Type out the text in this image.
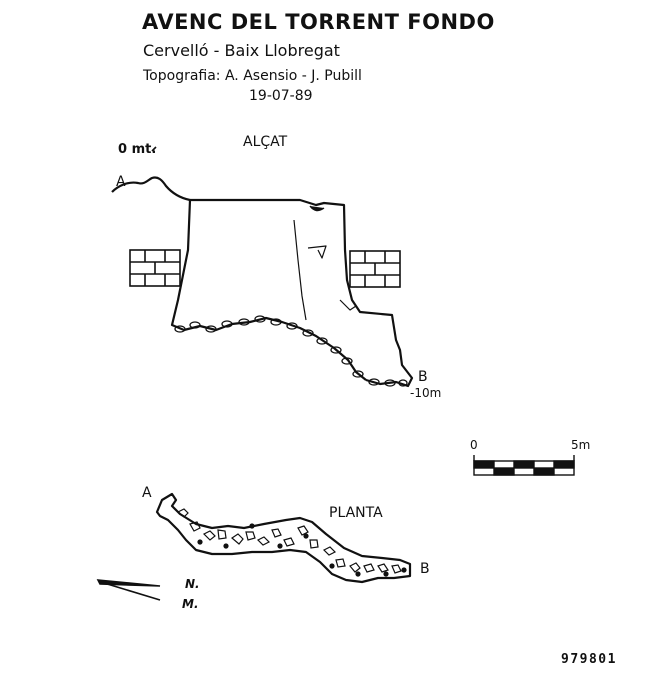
AVENC DEL TORRENT FONDO

Cervelló - Baix Llobregat

Topografia: A. Asensio - J. Pubill

19-07-89

ALÇAT
0 mt.
A
B
-10m
0	5m
A
PLANTA
B
N.
M.
979801
